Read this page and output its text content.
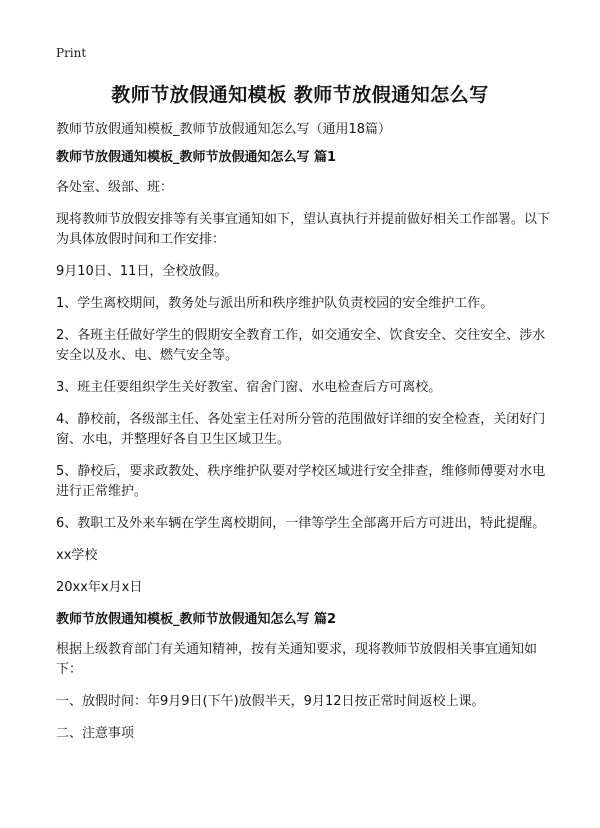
Print
教师节放假通知模板 教师节放假通知怎么写

教师节放假通知模板_教师节放假通知怎么写（通用18篇）

教师节放假通知模板_教师节放假通知怎么写 篇1

各处室、级部、班：

现将教师节放假安排等有关事宜通知如下，望认真执行并提前做好相关工作部署。以下为具体放假时间和工作安排：

9月10日、11日，全校放假。

1、学生离校期间，教务处与派出所和秩序维护队负责校园的安全维护工作。

2、各班主任做好学生的假期安全教育工作，如交通安全、饮食安全、交往安全、涉水安全以及水、电、燃气安全等。

3、班主任要组织学生关好教室、宿舍门窗、水电检查后方可离校。

4、静校前，各级部主任、各处室主任对所分管的范围做好详细的安全检查，关闭好门窗、水电，并整理好各自卫生区域卫生。

5、静校后，要求政教处、秩序维护队要对学校区域进行安全排查，维修师傅要对水电进行正常维护。

6、教职工及外来车辆在学生离校期间，一律等学生全部离开后方可进出，特此提醒。

xx学校

20xx年x月x日

教师节放假通知模板_教师节放假通知怎么写 篇2

根据上级教育部门有关通知精神，按有关通知要求，现将教师节放假相关事宜通知如下：

一、放假时间：年9月9日(下午)放假半天，9月12日按正常时间返校上课。

二、注意事项
